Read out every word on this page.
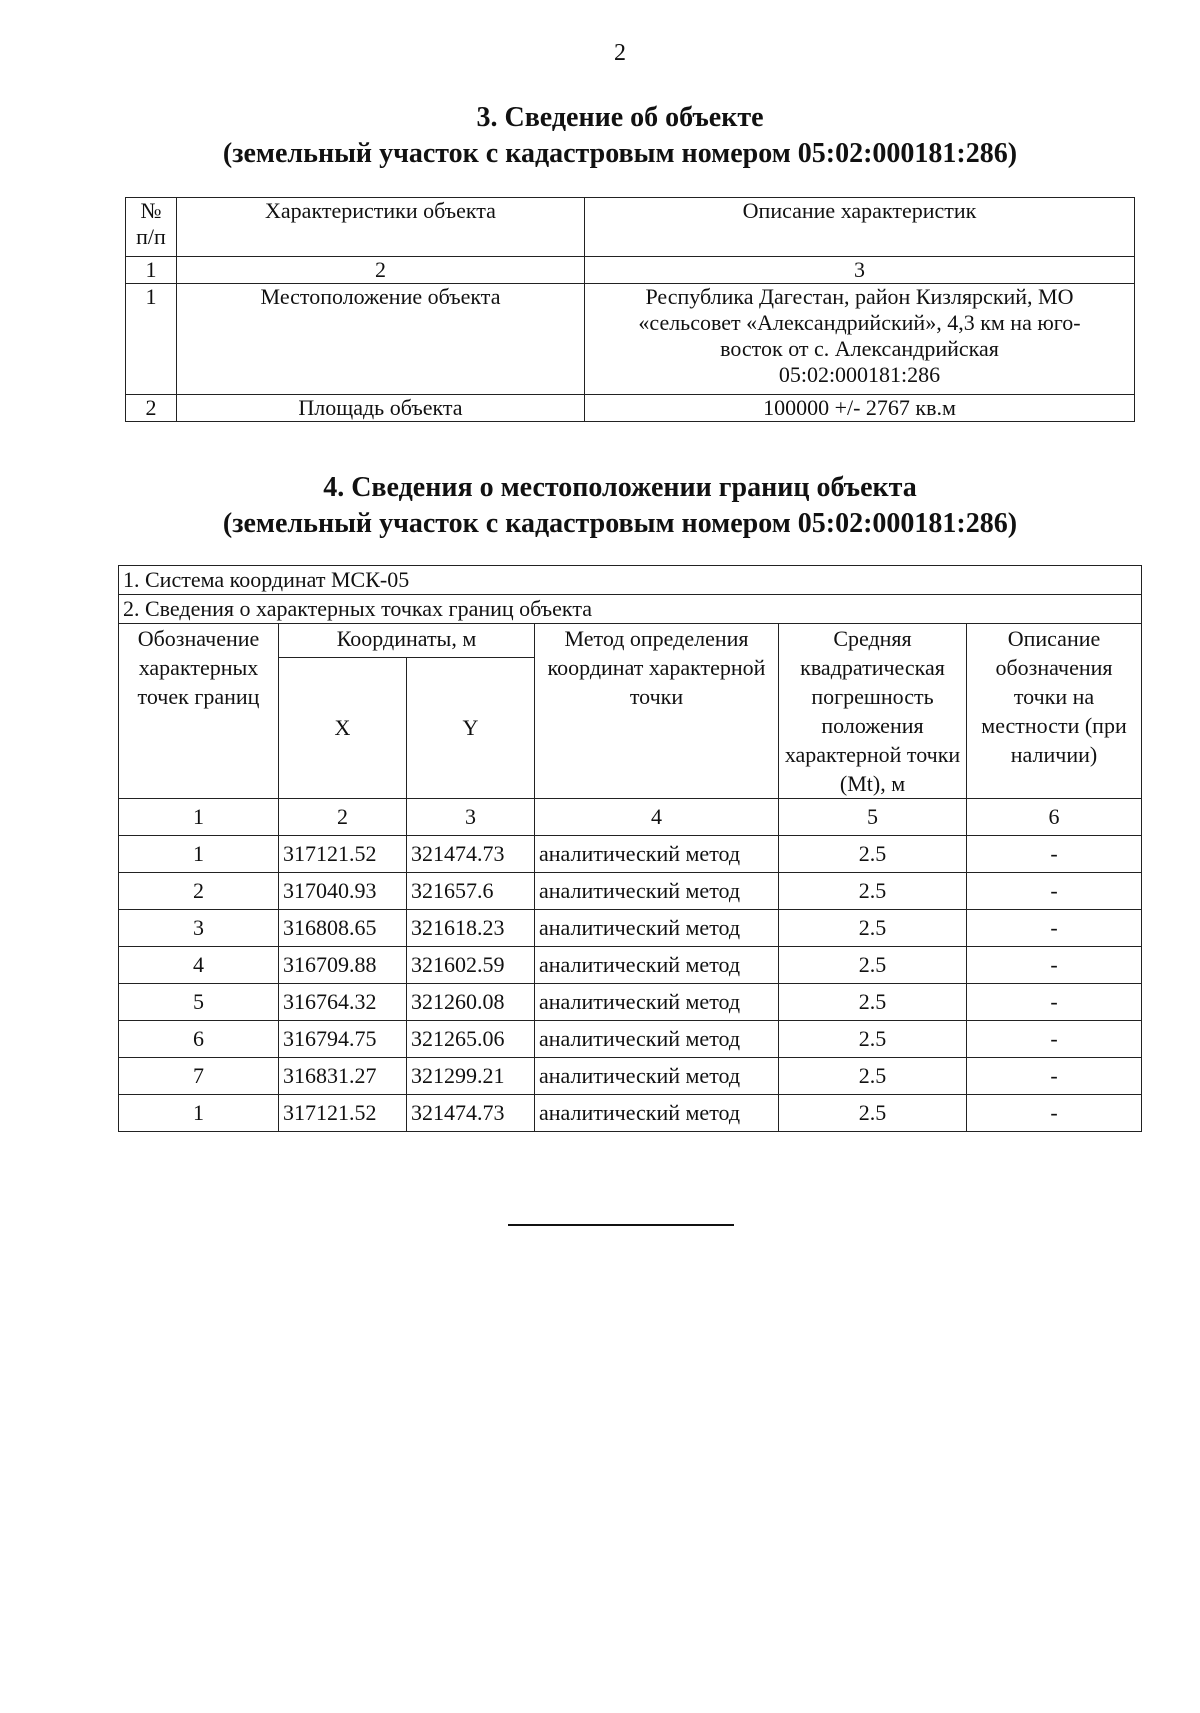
2
3. Сведение об объекте
(земельный участок с кадастровым номером 05:02:000181:286)
№ п/п	Характеристики объекта	Описание характеристик
1	2	3
1	Местоположение объекта	Республика Дагестан, район Кизлярский, МО
«сельсовет «Александрийский», 4,3 км на юго-
восток от с. Александрийская
05:02:000181:286

2	Площадь объекта	100000 +/- 2767 кв.м
4. Сведения о местоположении границ объекта
(земельный участок с кадастровым номером 05:02:000181:286)
1. Система координат МСК-05					
2. Сведения о характерных точках границ объекта					
Обозначение характерных точек границ	Координаты, м		Метод определения координат характерной точки	Средняя квадратическая погрешность положения характерной точки (Mt), м	Описание обозначения точки на местности (при наличии)
	X	Y			
1	2	3	4	5	6
1	317121.52	321474.73	аналитический метод	2.5	-
2	317040.93	321657.6	аналитический метод	2.5	-
3	316808.65	321618.23	аналитический метод	2.5	-
4	316709.88	321602.59	аналитический метод	2.5	-
5	316764.32	321260.08	аналитический метод	2.5	-
6	316794.75	321265.06	аналитический метод	2.5	-
7	316831.27	321299.21	аналитический метод	2.5	-
1	317121.52	321474.73	аналитический метод	2.5	-
